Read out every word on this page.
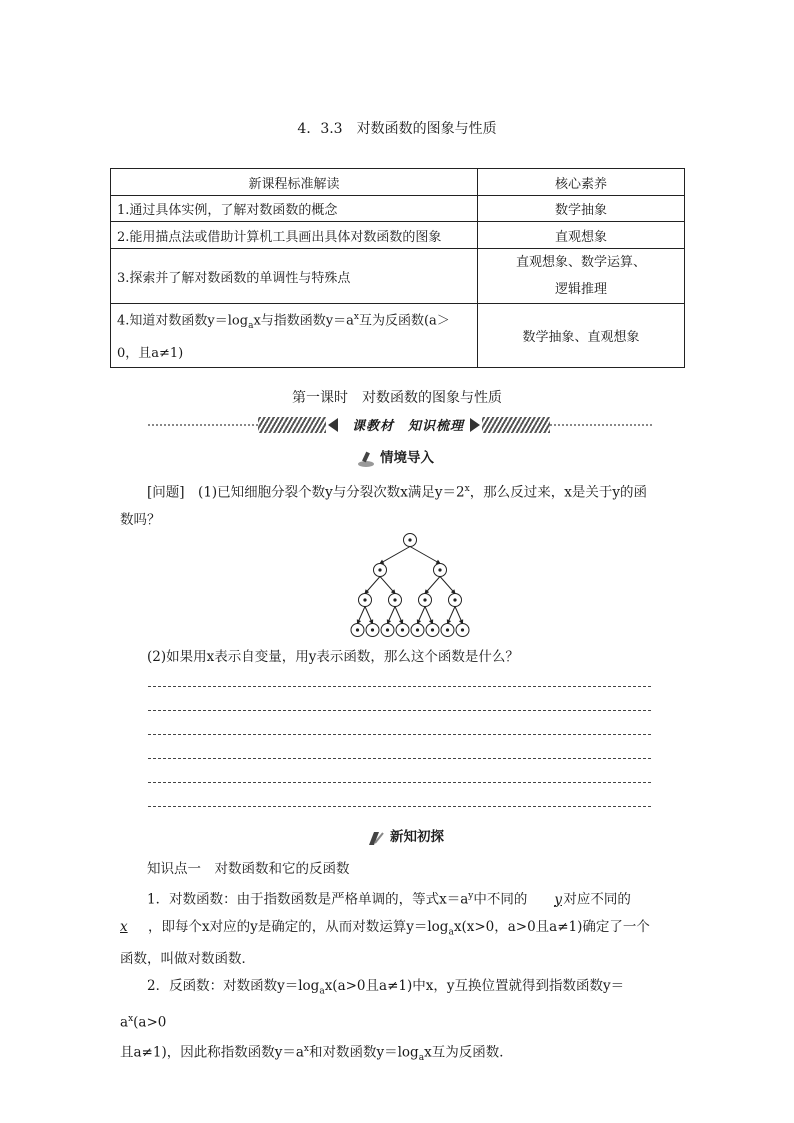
4．3.3　对数函数的图象与性质
新课程标准解读	核心素养
1.通过具体实例，了解对数函数的概念	数学抽象
2.能用描点法或借助计算机工具画出具体对数函数的图象	直观想象
3.探索并了解对数函数的单调性与特殊点	直观想象、数学运算、
逻辑推理

4.知道对数函数$y=\log_ax$与指数函数$y=a^x$互为反函数(a＞
0，且a≠1)	数学抽象、直观想象
第一课时　对数函数的图象与性质
课教材　知识梳理
情境导入
[问题]　 (1)已知细胞分裂个数y与分裂次数x满足$y=2^x$，那么反过来，x是关于y的函
数吗？
(2)如果用x表示自变量，用y表示函数，那么这个函数是什么？
新知初探
知识点一　对数函数和它的反函数
1．对数函数：由于指数函数是严格单调的，等式$x=a^y$中不同的 y对应不同的
x ，即每个x对应的y是确定的，从而对数运算$y=\log_ax(x>0$，a>0且a≠1)确定了一个
函数，叫做对数函数．
2．反函数：对数函数$y=\log_ax(a>0$且a≠1)中x，y互换位置就得到指数函数$y=a^x(a>0$
且a≠1)，因此称指数函数$y=a^x$和对数函数$y=\log_ax$互为反函数．
